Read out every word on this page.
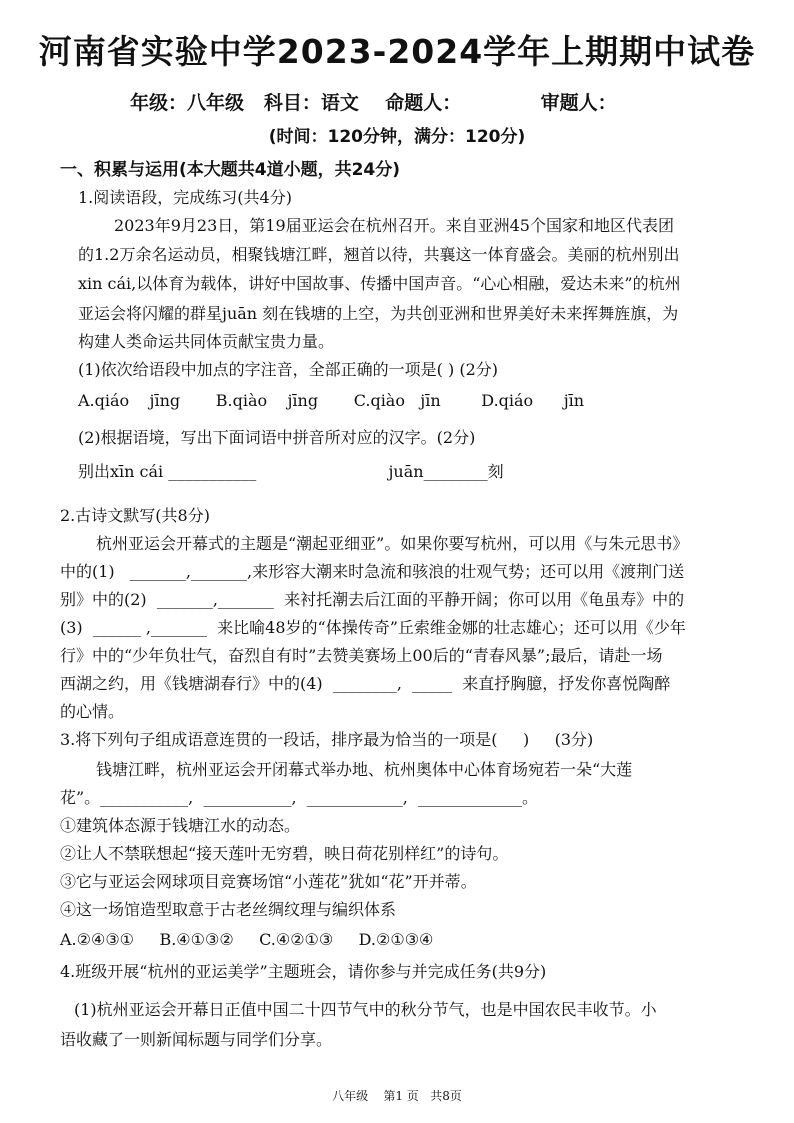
河南省实验中学2023-2024学年上期期中试卷
年级：八年级   科目：语文    命题人：            审题人：
(时间：120分钟，满分：120分)
一、积累与运用(本大题共4道小题，共24分)
1.阅读语段，完成练习(共4分)
2023年9月23日，第19届亚运会在杭州召开。来自亚洲45个国家和地区代表团
的1.2万余名运动员，相聚钱塘江畔，翘首以待，共襄这一体育盛会。美丽的杭州别出
xin cái,以体育为载体，讲好中国故事、传播中国声音。“心心相融，爱达未来”的杭州
亚运会将闪耀的群星juān 刻在钱塘的上空，为共创亚洲和世界美好未来挥舞旌旗，为
构建人类命运共同体贡献宝贵力量。
(1)依次给语段中加点的字注音，全部正确的一项是( ) (2分)
A.qiáo    jīng       B.qiào    jīng       C.qiào   jīn        D.qiáo      jīn
(2)根据语境，写出下面词语中拼音所对应的汉字。(2分)
别出xīn cái ___________                          juān________刻
2.古诗文默写(共8分)
杭州亚运会开幕式的主题是“潮起亚细亚”。如果你要写杭州，可以用《与朱元思书》
中的(1)   _______,_______,来形容大潮来时急流和骇浪的壮观气势；还可以用《渡荆门送
别》中的(2)  _______,_______  来衬托潮去后江面的平静开阔；你可以用《龟虽寿》中的
(3)  ______ ,_______  来比喻48岁的“体操传奇”丘索维金娜的壮志雄心；还可以用《少年
行》中的“少年负壮气，奋烈自有时”去赞美赛场上00后的“青春风暴”;最后，请赴一场
西湖之约，用《钱塘湖春行》中的(4)  ________,  _____  来直抒胸臆，抒发你喜悦陶醉
的心情。
3.将下列句子组成语意连贯的一段话，排序最为恰当的一项是(     )     (3分)
钱塘江畔，杭州亚运会开闭幕式举办地、杭州奥体中心体育场宛若一朵“大莲
花”。___________,  ___________,  ____________,  _____________。
①建筑体态源于钱塘江水的动态。
②让人不禁联想起“接天莲叶无穷碧，映日荷花别样红”的诗句。
③它与亚运会网球项目竞赛场馆“小莲花”犹如“花”开并蒂。
④这一场馆造型取意于古老丝绸纹理与编织体系
A.②④③①     B.④①③②     C.④②①③     D.②①③④
4.班级开展“杭州的亚运美学”主题班会，请你参与并完成任务(共9分)
(1)杭州亚运会开幕日正值中国二十四节气中的秋分节气，也是中国农民丰收节。小
语收藏了一则新闻标题与同学们分享。
八年级    第1 页   共8页
